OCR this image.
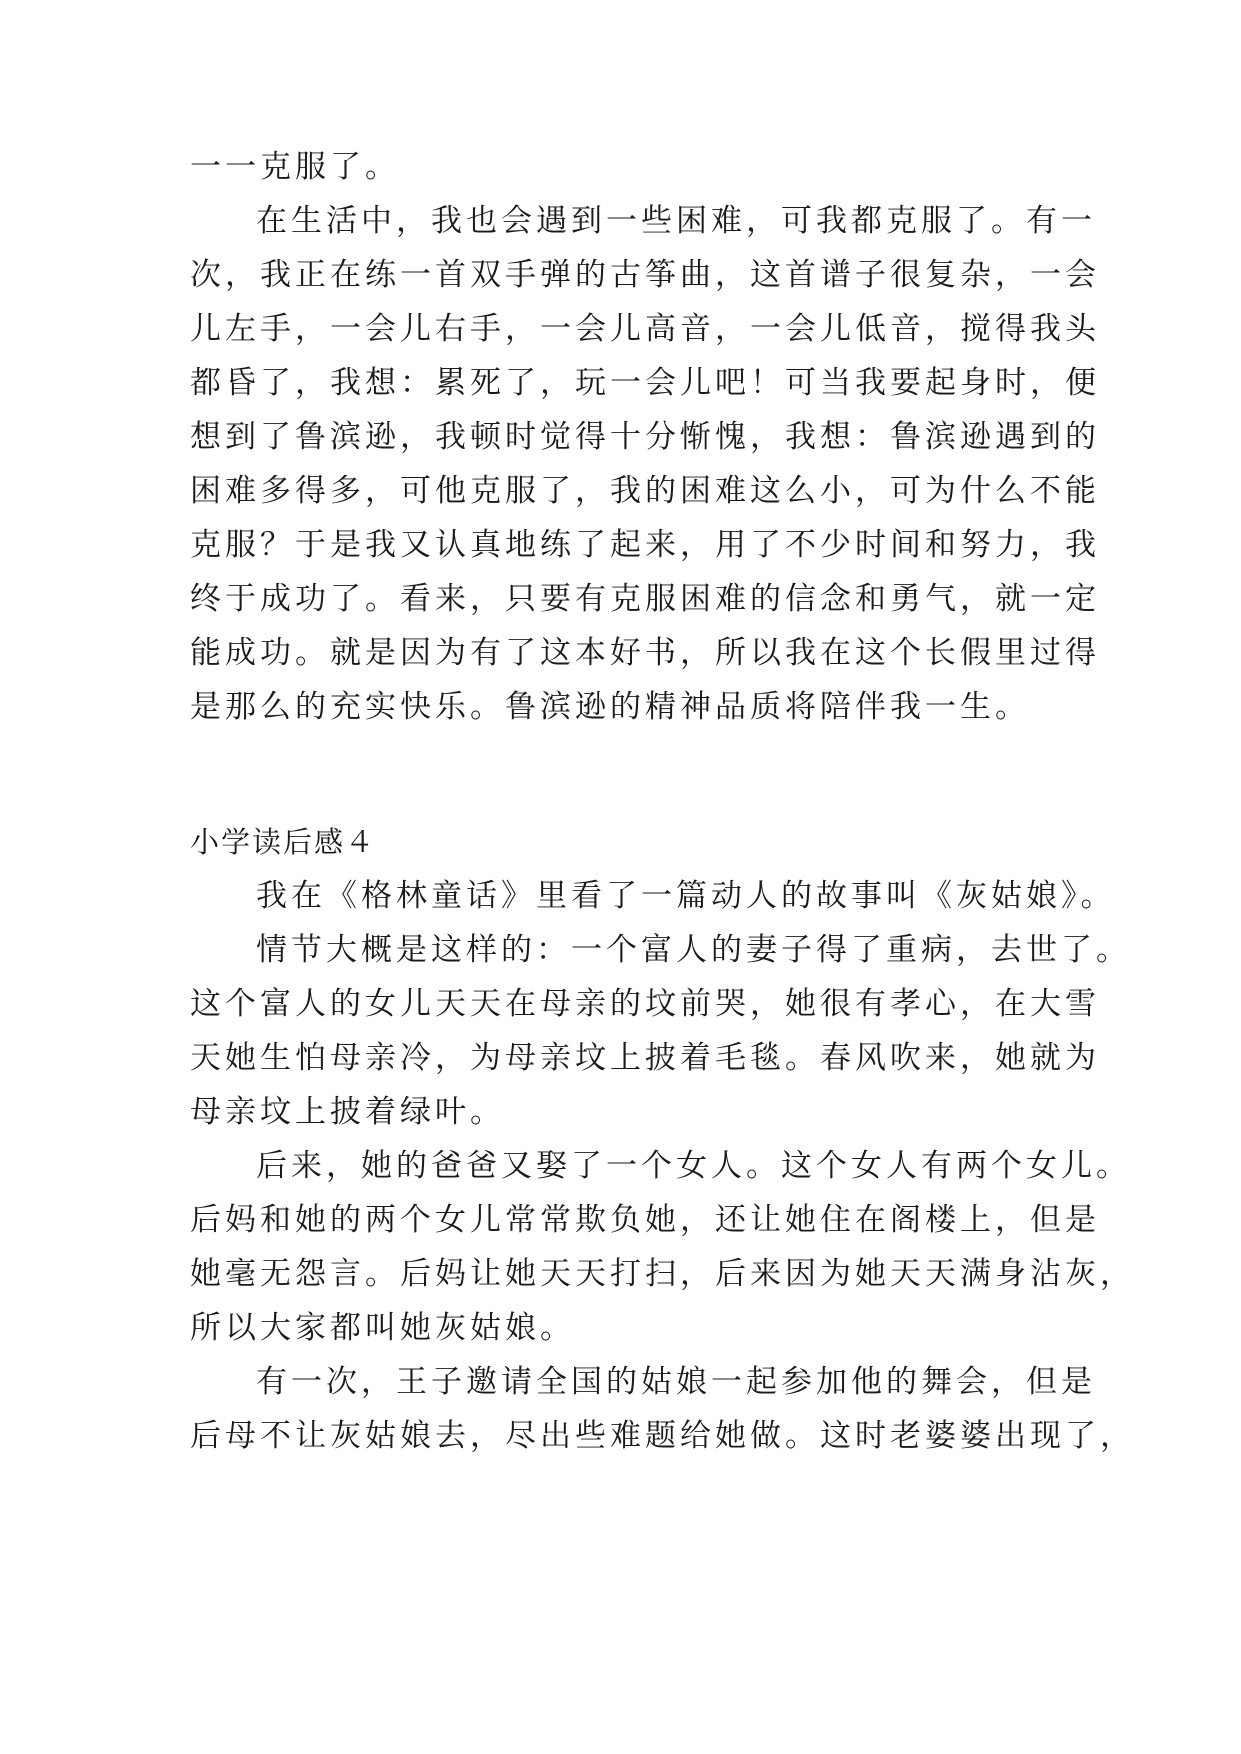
一一克服了。
在生活中，我也会遇到一些困难，可我都克服了。有一
次，我正在练一首双手弹的古筝曲，这首谱子很复杂，一会
儿左手，一会儿右手，一会儿高音，一会儿低音，搅得我头
都昏了，我想：累死了，玩一会儿吧！可当我要起身时，便
想到了鲁滨逊，我顿时觉得十分惭愧，我想：鲁滨逊遇到的
困难多得多，可他克服了，我的困难这么小，可为什么不能
克服？于是我又认真地练了起来，用了不少时间和努力，我
终于成功了。看来，只要有克服困难的信念和勇气，就一定
能成功。就是因为有了这本好书，所以我在这个长假里过得
是那么的充实快乐。鲁滨逊的精神品质将陪伴我一生。
小学读后感４
我在《格林童话》里看了一篇动人的故事叫《灰姑娘》。
情节大概是这样的：一个富人的妻子得了重病，去世了。
这个富人的女儿天天在母亲的坟前哭，她很有孝心，在大雪
天她生怕母亲冷，为母亲坟上披着毛毯。春风吹来，她就为
母亲坟上披着绿叶。
后来，她的爸爸又娶了一个女人。这个女人有两个女儿。
后妈和她的两个女儿常常欺负她，还让她住在阁楼上，但是
她毫无怨言。后妈让她天天打扫，后来因为她天天满身沾灰，
所以大家都叫她灰姑娘。
有一次，王子邀请全国的姑娘一起参加他的舞会，但是
后母不让灰姑娘去，尽出些难题给她做。这时老婆婆出现了，
